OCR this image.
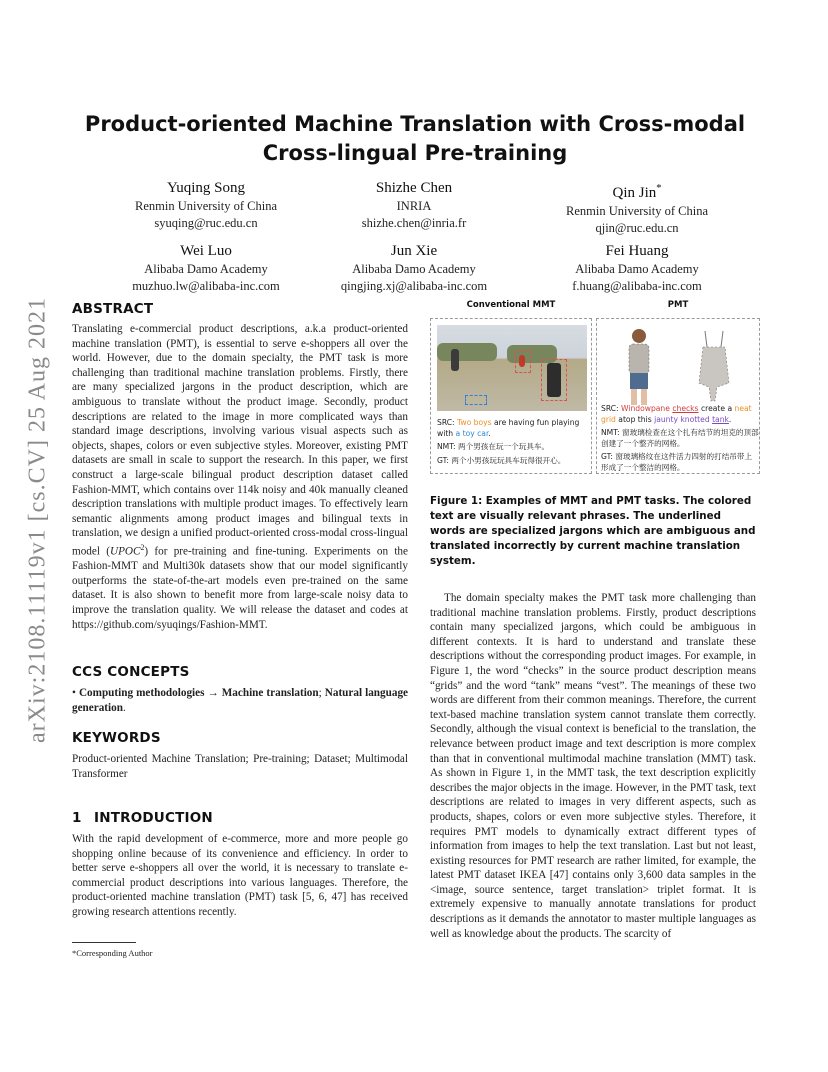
arXiv:2108.11119v1 [cs.CV] 25 Aug 2021
Product-oriented Machine Translation with Cross-modal
Cross-lingual Pre-training
Yuqing Song
Renmin University of China
syuqing@ruc.edu.cn
Shizhe Chen
INRIA
shizhe.chen@inria.fr
Qin Jin*
Renmin University of China
qjin@ruc.edu.cn
Wei Luo
Alibaba Damo Academy
muzhuo.lw@alibaba-inc.com
Jun Xie
Alibaba Damo Academy
qingjing.xj@alibaba-inc.com
Fei Huang
Alibaba Damo Academy
f.huang@alibaba-inc.com
ABSTRACT

Translating e-commercial product descriptions, a.k.a product-oriented machine translation (PMT), is essential to serve e-shoppers all over the world. However, due to the domain specialty, the PMT task is more challenging than traditional machine translation problems. Firstly, there are many specialized jargons in the product description, which are ambiguous to translate without the product image. Secondly, product descriptions are related to the image in more complicated ways than standard image descriptions, involving various visual aspects such as objects, shapes, colors or even subjective styles. Moreover, existing PMT datasets are small in scale to support the research. In this paper, we first construct a large-scale bilingual product description dataset called Fashion-MMT, which contains over 114k noisy and 40k manually cleaned description translations with multiple product images. To effectively learn semantic alignments among product images and bilingual texts in translation, we design a unified product-oriented cross-modal cross-lingual model (UPOC$^2$) for pre-training and fine-tuning. Experiments on the Fashion-MMT and Multi30k datasets show that our model significantly outperforms the state-of-the-art models even pre-trained on the same dataset. It is also shown to benefit more from large-scale noisy data to improve the translation quality. We will release the dataset and codes at https://github.com/syuqings/Fashion-MMT.

CCS CONCEPTS

• Computing methodologies → Machine translation; Natural language generation.

KEYWORDS

Product-oriented Machine Translation; Pre-training; Dataset; Multimodal Transformer

1 INTRODUCTION

With the rapid development of e-commerce, more and more people go shopping online because of its convenience and efficiency. In order to better serve e-shoppers all over the world, it is necessary to translate e-commercial product descriptions into various languages. Therefore, the product-oriented machine translation (PMT) task [5, 6, 47] has received growing research attentions recently.

*Corresponding Author
Conventional MMT	PMT
SRC: Two boys are having fun playing with a toy car.
NMT: 两个男孩在玩一个玩具车。
GT: 两个小男孩玩玩具车玩得很开心。
SRC: Windowpane checks create a neat grid atop this jaunty knotted tank.
NMT: 窗玻璃检查在这个扎有结节的坦克的顶部创建了一个整齐的网格。
GT: 窗玻璃格纹在这件活力四射的打结吊带上形成了一个整洁的网格。
Figure 1: Examples of MMT and PMT tasks. The colored text are visually relevant phrases. The underlined words are specialized jargons which are ambiguous and translated incorrectly by current machine translation system.

The domain specialty makes the PMT task more challenging than traditional machine translation problems. Firstly, product descriptions contain many specialized jargons, which could be ambiguous in different contexts. It is hard to understand and translate these descriptions without the corresponding product images. For example, in Figure 1, the word “checks” in the source product description means “grids” and the word “tank” means “vest”. The meanings of these two words are different from their common meanings. Therefore, the current text-based machine translation system cannot translate them correctly. Secondly, although the visual context is beneficial to the translation, the relevance between product image and text description is more complex than that in conventional multimodal machine translation (MMT) task. As shown in Figure 1, in the MMT task, the text description explicitly describes the major objects in the image. However, in the PMT task, text descriptions are related to images in very different aspects, such as products, shapes, colors or even more subjective styles. Therefore, it requires PMT models to dynamically extract different types of information from images to help the text translation. Last but not least, existing resources for PMT research are rather limited, for example, the latest PMT dataset IKEA [47] contains only 3,600 data samples in the <image, source sentence, target translation> triplet format. It is extremely expensive to manually annotate translations for product descriptions as it demands the annotator to master multiple languages as well as knowledge about the products. The scarcity of
